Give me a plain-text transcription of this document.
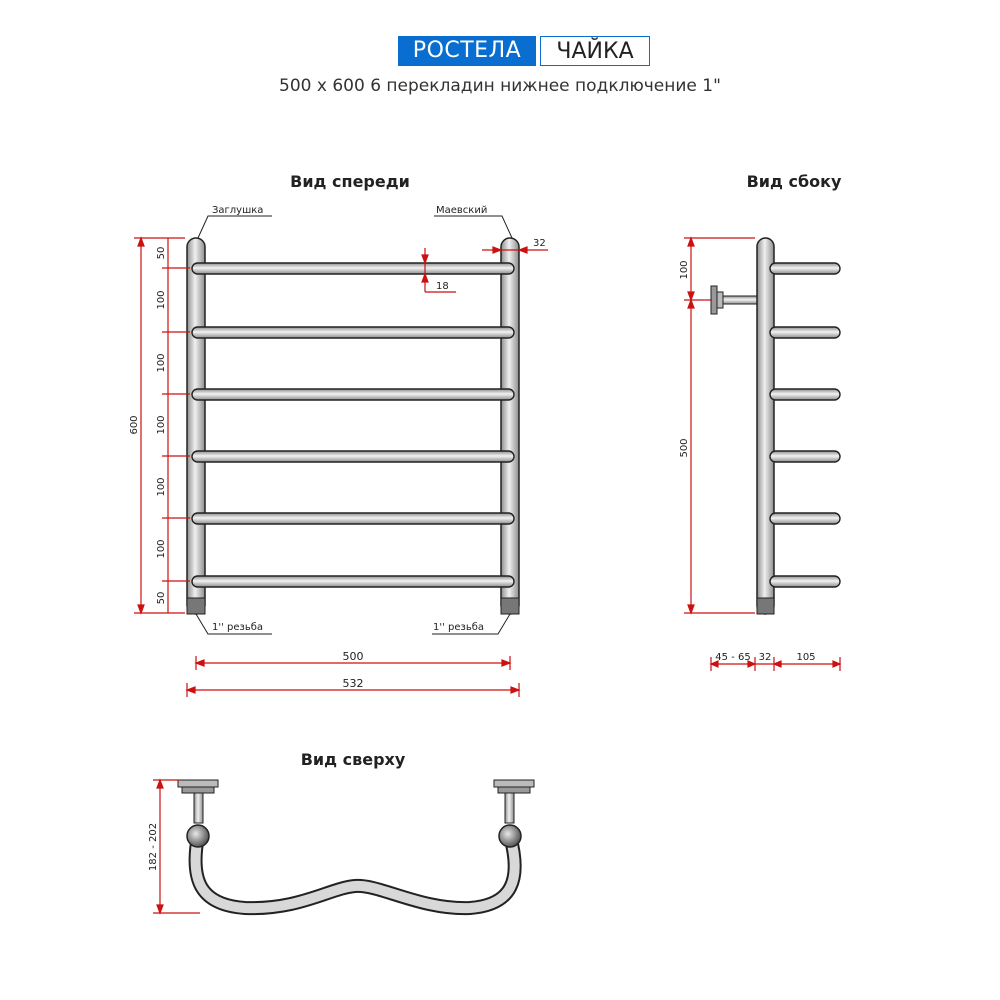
РОСТЕЛА	ЧАЙКА
500 x 600 6 перекладин нижнее подключение 1"
Вид спереди
Заглушка	Маевский
1'' резьба	1'' резьба
600
50
100
100
100
100
100
50
32
18
500
532
Вид сбоку
100
500
45 - 65 32	105
Вид сверху
182 - 202
